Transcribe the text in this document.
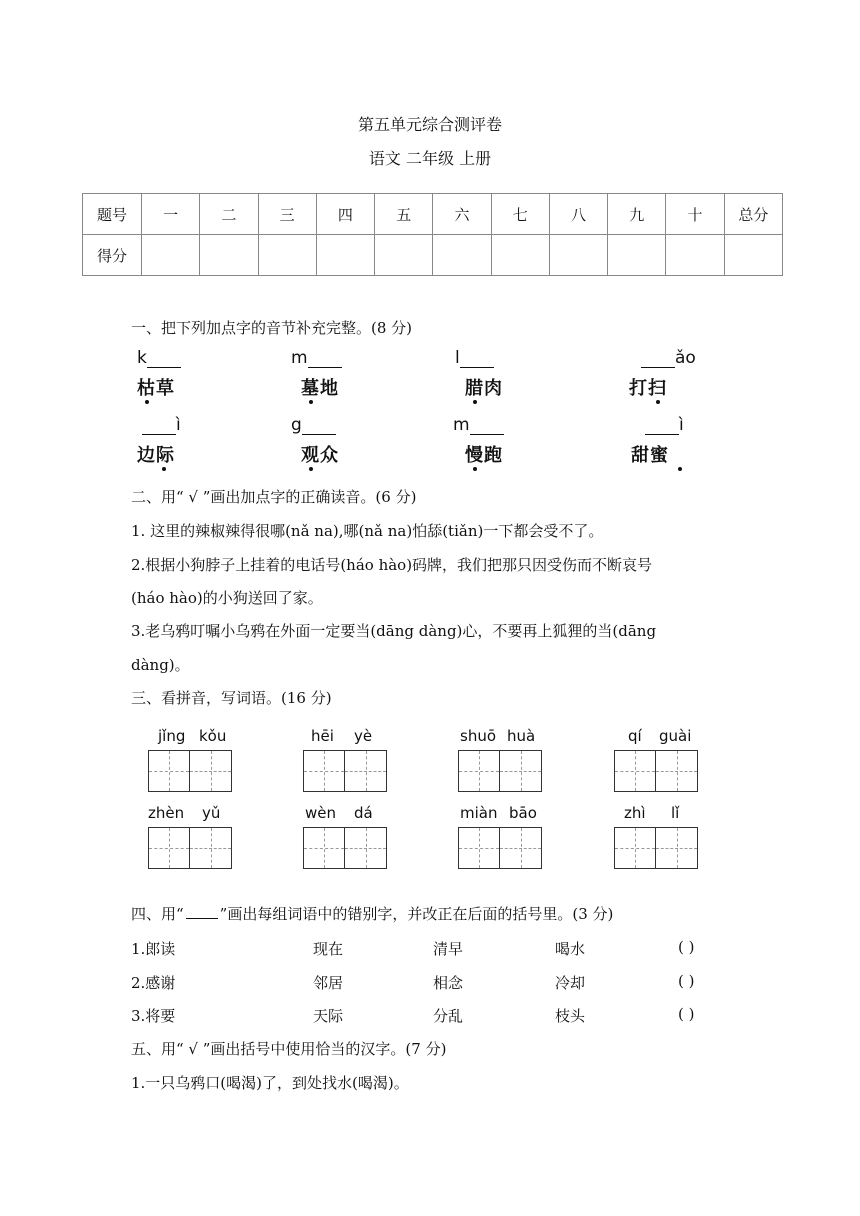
第五单元综合测评卷
语文 二年级 上册
题号	一	二	三	四	五	六	七	八	九	十	总分
得分											
一、把下列加点字的音节补充完整。(8 分)
k
枯草
m
墓地
l
腊肉
ǎo
打扫
ì
边际
g
观众
m
慢跑
ì
甜蜜
二、用“ √ ”画出加点字的正确读音。(6 分)
1. 这里的辣椒辣得很哪(nǎ na),哪(nǎ na)怕舔(tiǎn)一下都会受不了。
2.根据小狗脖子上挂着的电话号(háo hào)码牌，我们把那只因受伤而不断哀号
(háo hào)的小狗送回了家。
3.老乌鸦叮嘱小乌鸦在外面一定要当(dāng dàng)心，不要再上狐狸的当(dāng
dàng)。
三、看拼音，写词语。(16 分)
jǐng kǒu	hēi yè	shuō huà	qí guài
zhèn yǔ	wèn dá	miàn bāo	zhì lǐ
四、用“ ”画出每组词语中的错别字，并改正在后面的括号里。(3 分)
1.郎读	现在	清早	喝水	( )
2.感谢	邻居	相念	冷却	( )
3.将要	天际	分乱	枝头	( )
五、用“ √ ”画出括号中使用恰当的汉字。(7 分)
1.一只乌鸦口(喝渴)了，到处找水(喝渴)。
